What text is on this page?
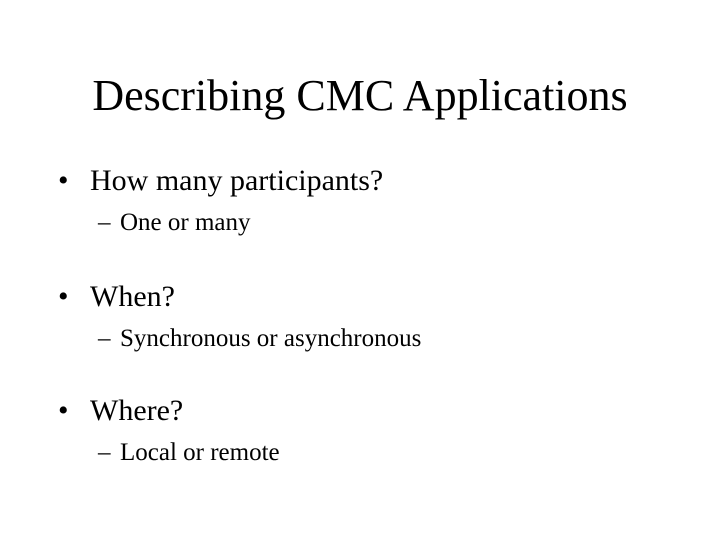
Describing CMC Applications
• How many participants?
– One or many
• When?
– Synchronous or asynchronous
• Where?
– Local or remote
